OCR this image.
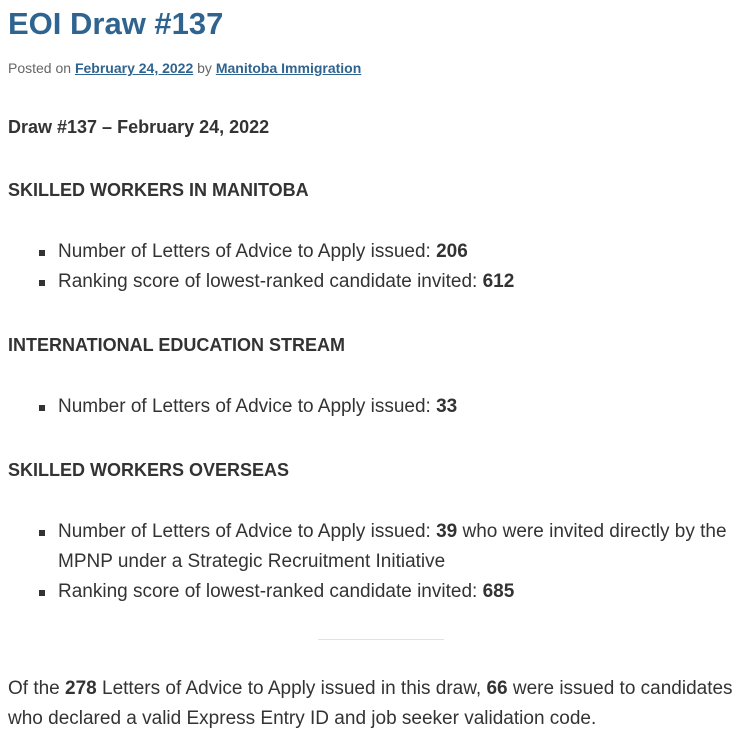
EOI Draw #137
Posted on February 24, 2022 by Manitoba Immigration
Draw #137 – February 24, 2022
SKILLED WORKERS IN MANITOBA
Number of Letters of Advice to Apply issued: 206
Ranking score of lowest-ranked candidate invited: 612
INTERNATIONAL EDUCATION STREAM
Number of Letters of Advice to Apply issued: 33
SKILLED WORKERS OVERSEAS
Number of Letters of Advice to Apply issued: 39 who were invited directly by the MPNP under a Strategic Recruitment Initiative
Ranking score of lowest-ranked candidate invited: 685
Of the 278 Letters of Advice to Apply issued in this draw, 66 were issued to candidates who declared a valid Express Entry ID and job seeker validation code.
